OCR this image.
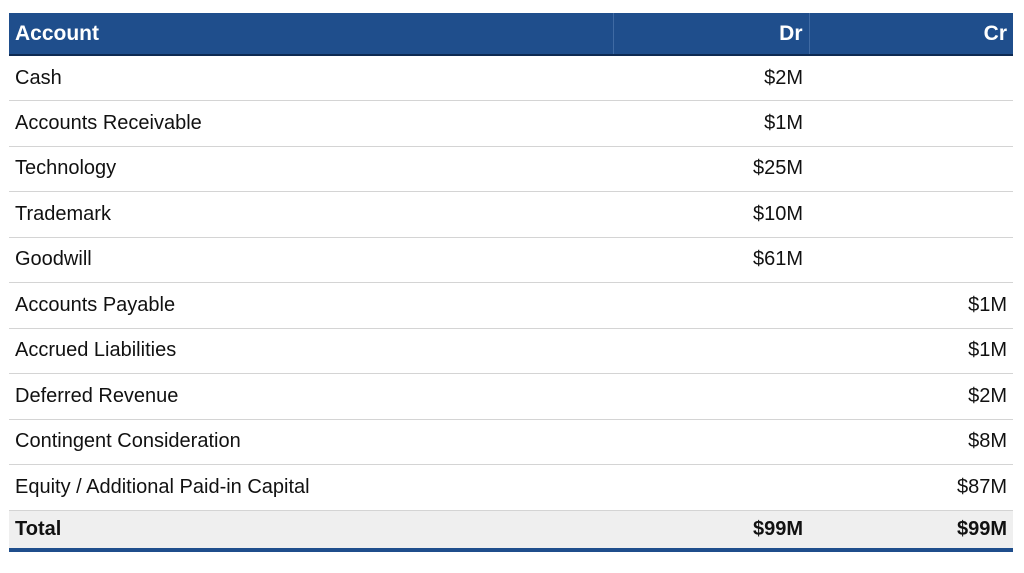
Account	Dr	Cr
Cash	$2M	
Accounts Receivable	$1M	
Technology	$25M	
Trademark	$10M	
Goodwill	$61M	
Accounts Payable		$1M
Accrued Liabilities		$1M
Deferred Revenue		$2M
Contingent Consideration		$8M
Equity / Additional Paid-in Capital		$87M
Total	$99M	$99M
